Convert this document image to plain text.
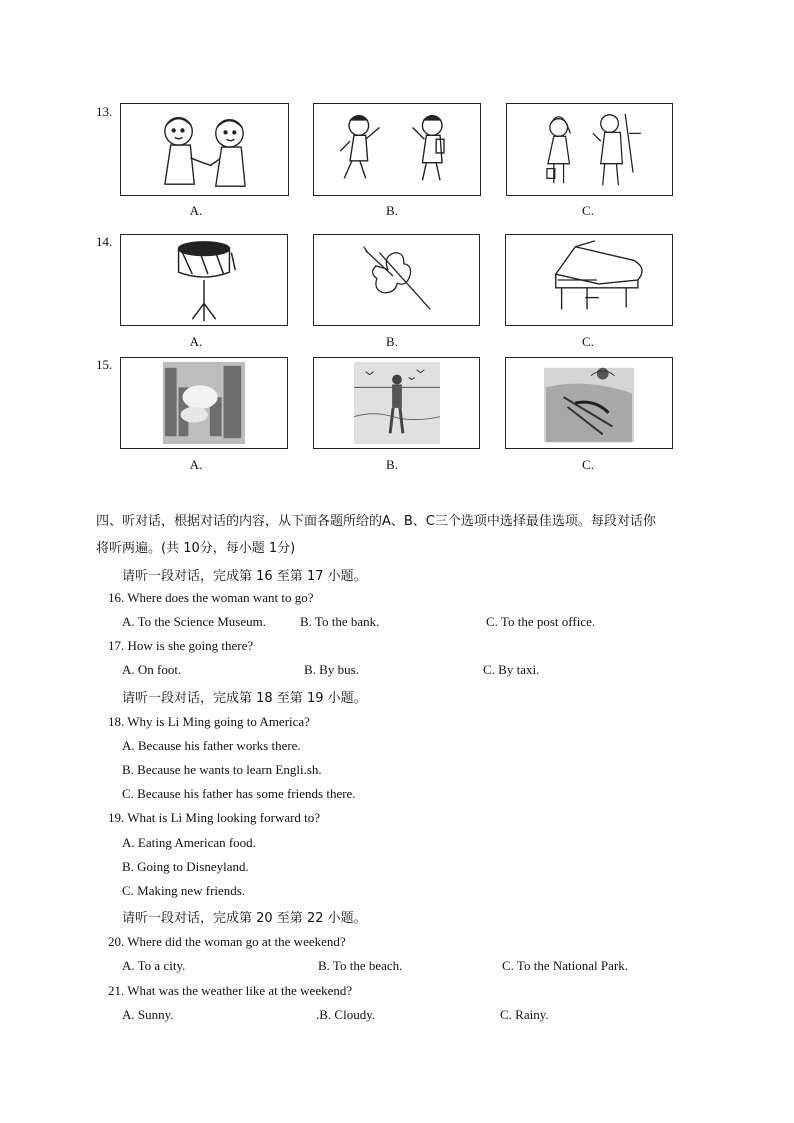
13.
A.	B.	C.
14.
A.	B.	C.
15.
A.	B.	C.
四、听对话，根据对话的内容，从下面各题所给的A、B、C三个选项中选择最佳选项。每段对话你
将听两遍。(共 10分，每小题 1分)
请听一段对话，完成第 16 至第 17 小题。
16. Where does the woman want to go?
A. To the Science Museum.	B. To the bank.	C. To the post office.
17. How is she going there?
A. On foot.	B. By bus.	C. By taxi.
请听一段对话，完成第 18 至第 19 小题。
18. Why is Li Ming going to America?
A. Because his father works there.
B. Because he wants to learn Engli.sh.
C. Because his father has some friends there.
19. What is Li Ming looking forward to?
A. Eating American food.
B. Going to Disneyland.
C. Making new friends.
请听一段对话，完成第 20 至第 22 小题。
20. Where did the woman go at the weekend?
A. To a city.	B. To the beach.	C. To the National Park.
21. What was the weather like at the weekend?
A. Sunny.	.B. Cloudy.	C. Rainy.
